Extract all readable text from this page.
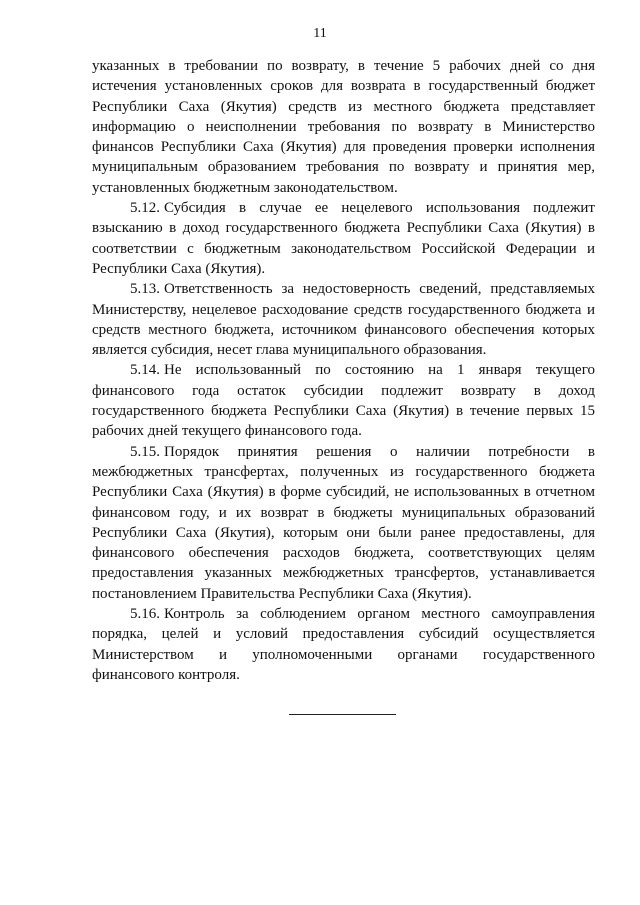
11

указанных в требовании по возврату, в течение 5 рабочих дней со дня истечения установленных сроков для возврата в государственный бюджет Республики Саха (Якутия) средств из местного бюджета представляет информацию о неисполнении требования по возврату в Министерство финансов Республики Саха (Якутия) для проведения проверки исполнения муниципальным образованием требования по возврату и принятия мер, установленных бюджетным законодательством.

5.12. Субсидия в случае ее нецелевого использования подлежит взысканию в доход государственного бюджета Республики Саха (Якутия) в соответствии с бюджетным законодательством Российской Федерации и Республики Саха (Якутия).

5.13. Ответственность за недостоверность сведений, представляемых Министерству, нецелевое расходование средств государственного бюджета и средств местного бюджета, источником финансового обеспечения которых является субсидия, несет глава муниципального образования.

5.14. Не использованный по состоянию на 1 января текущего финансового года остаток субсидии подлежит возврату в доход государственного бюджета Республики Саха (Якутия) в течение первых 15 рабочих дней текущего финансового года.

5.15. Порядок принятия решения о наличии потребности в межбюджетных трансфертах, полученных из государственного бюджета Республики Саха (Якутия) в форме субсидий, не использованных в отчетном финансовом году, и их возврат в бюджеты муниципальных образований Республики Саха (Якутия), которым они были ранее предоставлены, для финансового обеспечения расходов бюджета, соответствующих целям предоставления указанных межбюджетных трансфертов, устанавливается постановлением Правительства Республики Саха (Якутия).

5.16. Контроль за соблюдением органом местного самоуправления порядка, целей и условий предоставления субсидий осуществляется Министерством и уполномоченными органами государственного финансового контроля.
